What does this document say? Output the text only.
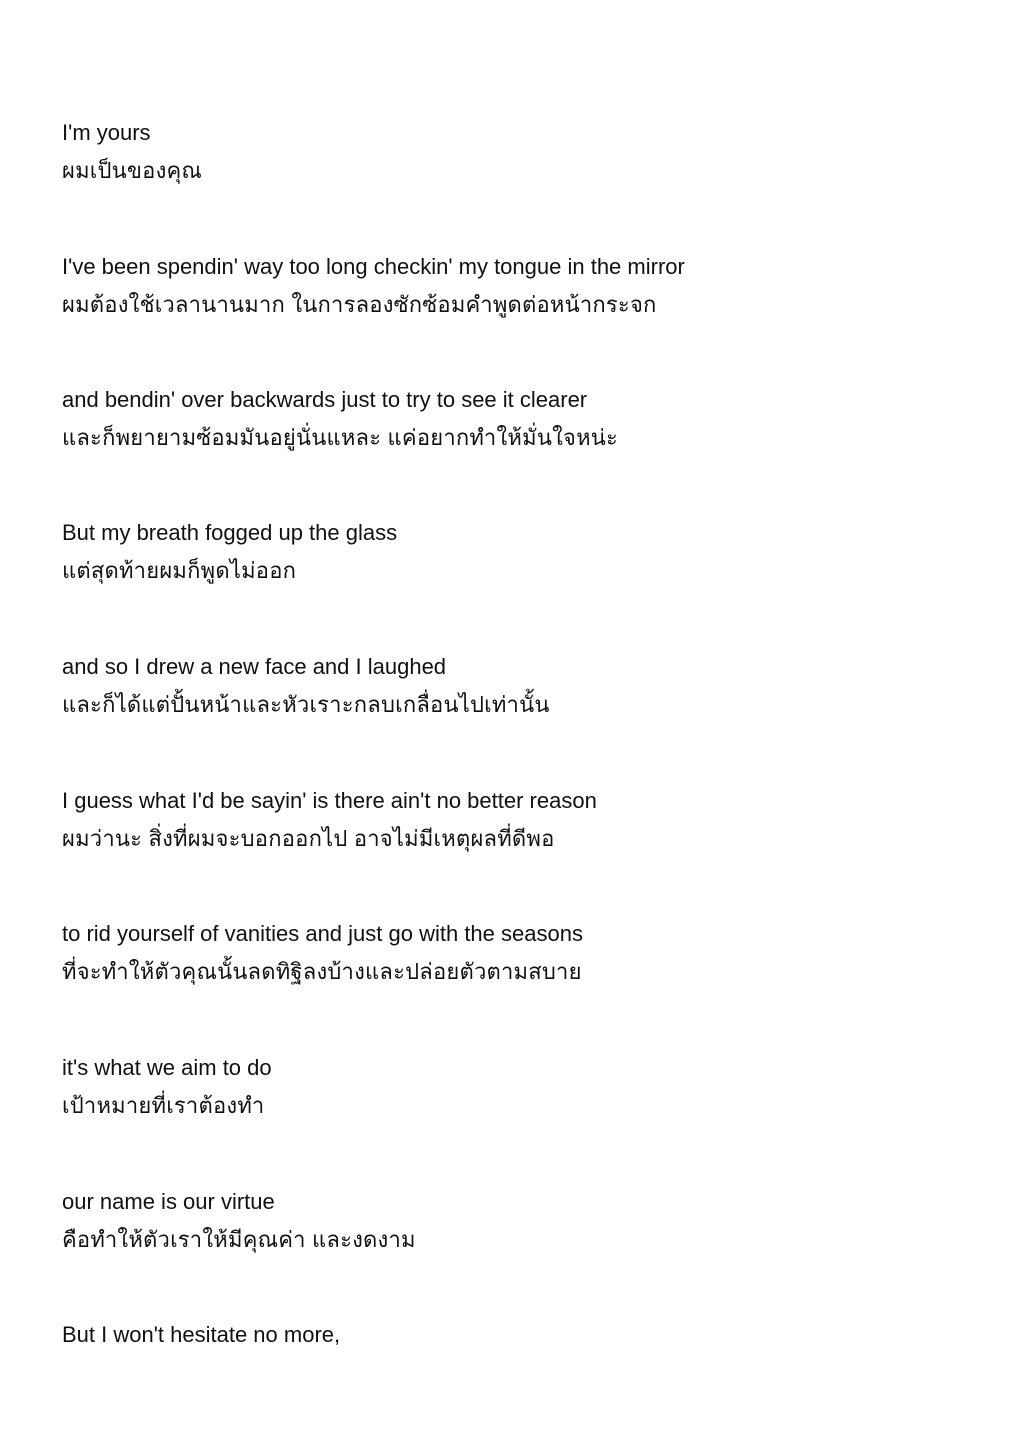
I'm yours

ผมเป็นของคุณ

I've been spendin' way too long checkin' my tongue in the mirror

ผมต้องใช้เวลานานมาก ในการลองซักซ้อมคำพูดต่อหน้ากระจก

and bendin' over backwards just to try to see it clearer

และก็พยายามซ้อมมันอยู่นั่นแหละ แค่อยากทำให้มั่นใจหน่ะ

But my breath fogged up the glass

แต่สุดท้ายผมก็พูดไม่ออก

and so I drew a new face and I laughed

และก็ได้แต่ปั้นหน้าและหัวเราะกลบเกลื่อนไปเท่านั้น

I guess what I'd be sayin' is there ain't no better reason

ผมว่านะ สิ่งที่ผมจะบอกออกไป อาจไม่มีเหตุผลที่ดีพอ

to rid yourself of vanities and just go with the seasons

ที่จะทำให้ตัวคุณนั้นลดทิฐิลงบ้างและปล่อยตัวตามสบาย

it's what we aim to do

เป้าหมายที่เราต้องทำ

our name is our virtue

คือทำให้ตัวเราให้มีคุณค่า และงดงาม

But I won't hesitate no more,
